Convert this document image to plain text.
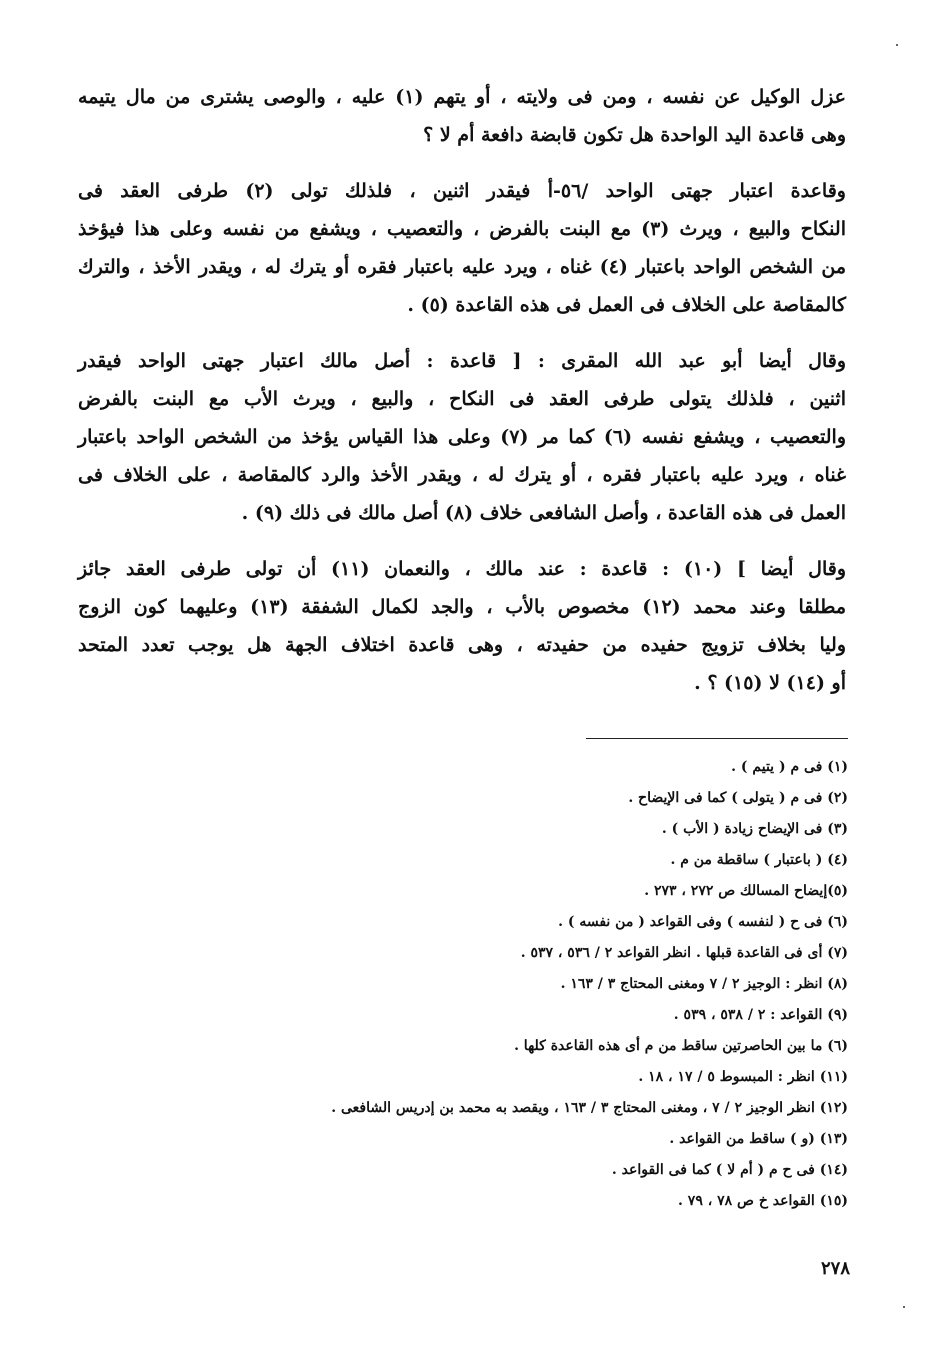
عزل الوكيل عن نفسه ، ومن فى ولايته ، أو يتهم (١) عليه ، والوصى يشترى من مال يتيمه
وهى قاعدة اليد الواحدة هل تكون قابضة دافعة أم لا ؟
وقاعدة اعتبار جهتى الواحد /٥٦-أ فيقدر اثنين ، فلذلك تولى (٢) طرفى العقد فى
النكاح والبيع ، ويرث (٣) مع البنت بالفرض ، والتعصيب ، ويشفع من نفسه وعلى هذا فيؤخذ
من الشخص الواحد باعتبار (٤) غناه ، ويرد عليه باعتبار فقره أو يترك له ، ويقدر الأخذ ، والترك
كالمقاصة على الخلاف فى العمل فى هذه القاعدة (٥) .
وقال أيضا أبو عبد الله المقرى : [ قاعدة : أصل مالك اعتبار جهتى الواحد فيقدر
اثنين ، فلذلك يتولى طرفى العقد فى النكاح ، والبيع ، ويرث الأب مع البنت بالفرض
والتعصيب ، ويشفع نفسه (٦) كما مر (٧) وعلى هذا القياس يؤخذ من الشخص الواحد باعتبار
غناه ، ويرد عليه باعتبار فقره ، أو يترك له ، ويقدر الأخذ والرد كالمقاصة ، على الخلاف فى
العمل فى هذه القاعدة ، وأصل الشافعى خلاف (٨) أصل مالك فى ذلك (٩) .
وقال أيضا ] (١٠) : قاعدة : عند مالك ، والنعمان (١١) أن تولى طرفى العقد جائز
مطلقا وعند محمد (١٢) مخصوص بالأب ، والجد لكمال الشفقة (١٣) وعليهما كون الزوج
وليا بخلاف تزويج حفيده من حفيدته ، وهى قاعدة اختلاف الجهة هل يوجب تعدد المتحد
أو (١٤) لا (١٥) ؟ .
(١) فى م ( يتيم ) .
(٢) فى م ( يتولى ) كما فى الإيضاح .
(٣) فى الإيضاح زيادة ( الأب ) .
(٤) ( باعتبار ) ساقطة من م .
(٥)إيضاح المسالك ص ٢٧٢ ، ٢٧٣ .
(٦) فى ح ( لنفسه ) وفى القواعد ( من نفسه ) .
(٧) أى فى القاعدة قبلها . انظر القواعد ٢ / ٥٣٦ ، ٥٣٧ .
(٨) انظر : الوجيز ٢ / ٧ ومغنى المحتاج ٣ / ١٦٣ .
(٩) القواعد : ٢ / ٥٣٨ ، ٥٣٩ .
(٦) ما بين الحاصرتين ساقط من م أى هذه القاعدة كلها .
(١١) انظر : المبسوط ٥ / ١٧ ، ١٨ .
(١٢) انظر الوجيز ٢ / ٧ ، ومغنى المحتاج ٣ / ١٦٣ ، ويقصد به محمد بن إدريس الشافعى .
(١٣) (و ) ساقط من القواعد .
(١٤) فى ح م ( أم لا ) كما فى القواعد .
(١٥) القواعد خ ص ٧٨ ، ٧٩ .
٢٧٨
